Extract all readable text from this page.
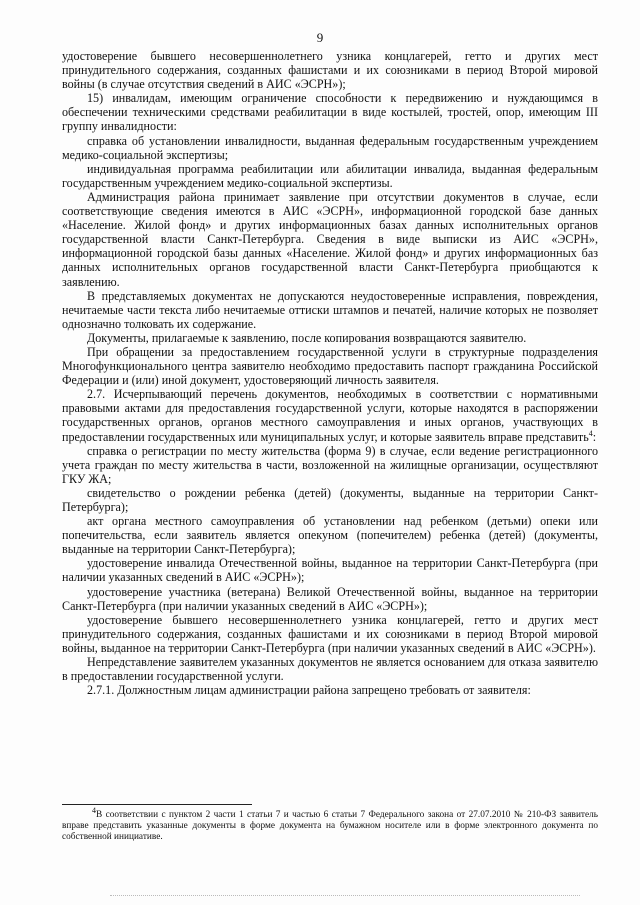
9

удостоверение бывшего несовершеннолетнего узника концлагерей, гетто и других мест принудительного содержания, созданных фашистами и их союзниками в период Второй мировой войны (в случае отсутствия сведений в АИС «ЭСРН»);

15) инвалидам, имеющим ограничение способности к передвижению и нуждающимся в обеспечении техническими средствами реабилитации в виде костылей, тростей, опор, имеющим III группу инвалидности:

справка об установлении инвалидности, выданная федеральным государственным учреждением медико-социальной экспертизы;

индивидуальная программа реабилитации или абилитации инвалида, выданная федеральным государственным учреждением медико-социальной экспертизы.

Администрация района принимает заявление при отсутствии документов в случае, если соответствующие сведения имеются в АИС «ЭСРН», информационной городской базе данных «Население. Жилой фонд» и других информационных базах данных исполнительных органов государственной власти Санкт-Петербурга. Сведения в виде выписки из АИС «ЭСРН», информационной городской базы данных «Население. Жилой фонд» и других информационных баз данных исполнительных органов государственной власти Санкт-Петербурга приобщаются к заявлению.

В представляемых документах не допускаются неудостоверенные исправления, повреждения, нечитаемые части текста либо нечитаемые оттиски штампов и печатей, наличие которых не позволяет однозначно толковать их содержание.

Документы, прилагаемые к заявлению, после копирования возвращаются заявителю.

При обращении за предоставлением государственной услуги в структурные подразделения Многофункционального центра заявителю необходимо предоставить паспорт гражданина Российской Федерации и (или) иной документ, удостоверяющий личность заявителя.

2.7. Исчерпывающий перечень документов, необходимых в соответствии с нормативными правовыми актами для предоставления государственной услуги, которые находятся в распоряжении государственных органов, органов местного самоуправления и иных органов, участвующих в предоставлении государственных или муниципальных услуг, и которые заявитель вправе представить$^4$:

справка о регистрации по месту жительства (форма 9) в случае, если ведение регистрационного учета граждан по месту жительства в части, возложенной на жилищные организации, осуществляют ГКУ ЖА;

свидетельство о рождении ребенка (детей) (документы, выданные на территории Санкт-Петербурга);

акт органа местного самоуправления об установлении над ребенком (детьми) опеки или попечительства, если заявитель является опекуном (попечителем) ребенка (детей) (документы, выданные на территории Санкт-Петербурга);

удостоверение инвалида Отечественной войны, выданное на территории Санкт-Петербурга (при наличии указанных сведений в АИС «ЭСРН»);

удостоверение участника (ветерана) Великой Отечественной войны, выданное на территории Санкт-Петербурга (при наличии указанных сведений в АИС «ЭСРН»);

удостоверение бывшего несовершеннолетнего узника концлагерей, гетто и других мест принудительного содержания, созданных фашистами и их союзниками в период Второй мировой войны, выданное на территории Санкт-Петербурга (при наличии указанных сведений в АИС «ЭСРН»).

Непредставление заявителем указанных документов не является основанием для отказа заявителю в предоставлении государственной услуги.

2.7.1. Должностным лицам администрации района запрещено требовать от заявителя:

$^4$В соответствии с пунктом 2 части 1 статьи 7 и частью 6 статьи 7 Федерального закона от 27.07.2010 № 210-ФЗ заявитель вправе представить указанные документы в форме документа на бумажном носителе или в форме электронного документа по собственной инициативе.
